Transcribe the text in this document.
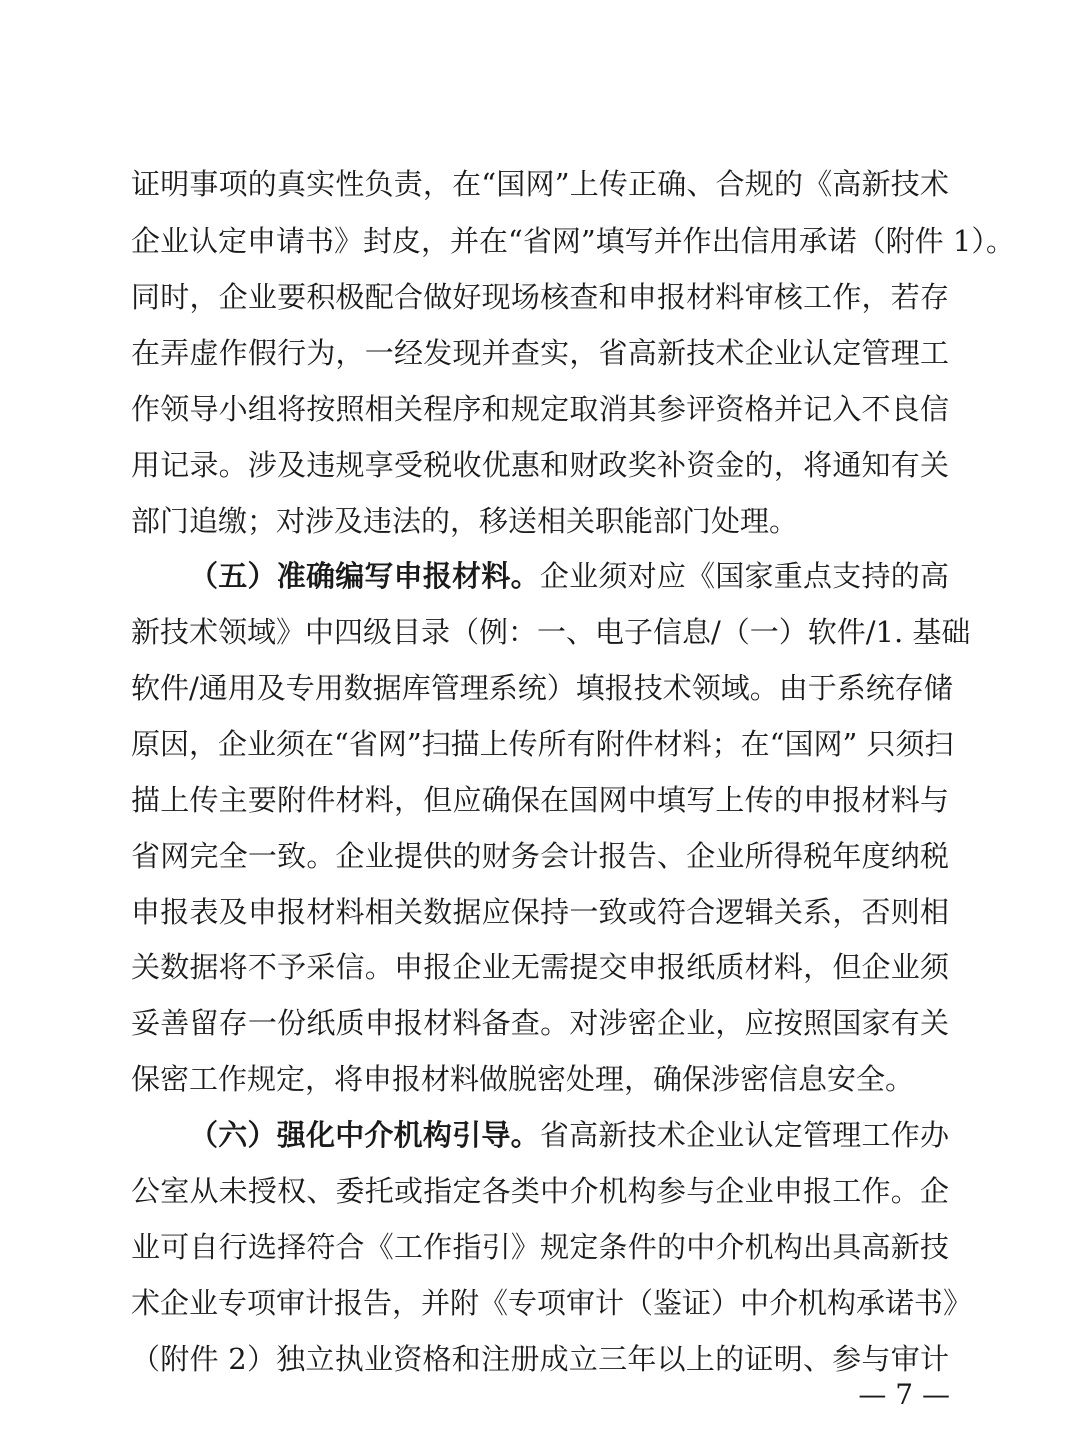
证明事项的真实性负责，在“国网”上传正确、合规的《高新技术
企业认定申请书》封皮，并在“省网”填写并作出信用承诺（附件 1）。
同时，企业要积极配合做好现场核查和申报材料审核工作，若存
在弄虚作假行为，一经发现并查实，省高新技术企业认定管理工
作领导小组将按照相关程序和规定取消其参评资格并记入不良信
用记录。涉及违规享受税收优惠和财政奖补资金的，将通知有关
部门追缴；对涉及违法的，移送相关职能部门处理。
（五）准确编写申报材料。企业须对应《国家重点支持的高
新技术领域》中四级目录（例：一、电子信息/（一）软件/1. 基础
软件/通用及专用数据库管理系统）填报技术领域。由于系统存储
原因，企业须在“省网”扫描上传所有附件材料；在“国网” 只须扫
描上传主要附件材料，但应确保在国网中填写上传的申报材料与
省网完全一致。企业提供的财务会计报告、企业所得税年度纳税
申报表及申报材料相关数据应保持一致或符合逻辑关系，否则相
关数据将不予采信。申报企业无需提交申报纸质材料，但企业须
妥善留存一份纸质申报材料备查。对涉密企业，应按照国家有关
保密工作规定，将申报材料做脱密处理，确保涉密信息安全。
（六）强化中介机构引导。省高新技术企业认定管理工作办
公室从未授权、委托或指定各类中介机构参与企业申报工作。企
业可自行选择符合《工作指引》规定条件的中介机构出具高新技
术企业专项审计报告，并附《专项审计（鉴证）中介机构承诺书》
（附件 2）独立执业资格和注册成立三年以上的证明、参与审计
— 7 —
